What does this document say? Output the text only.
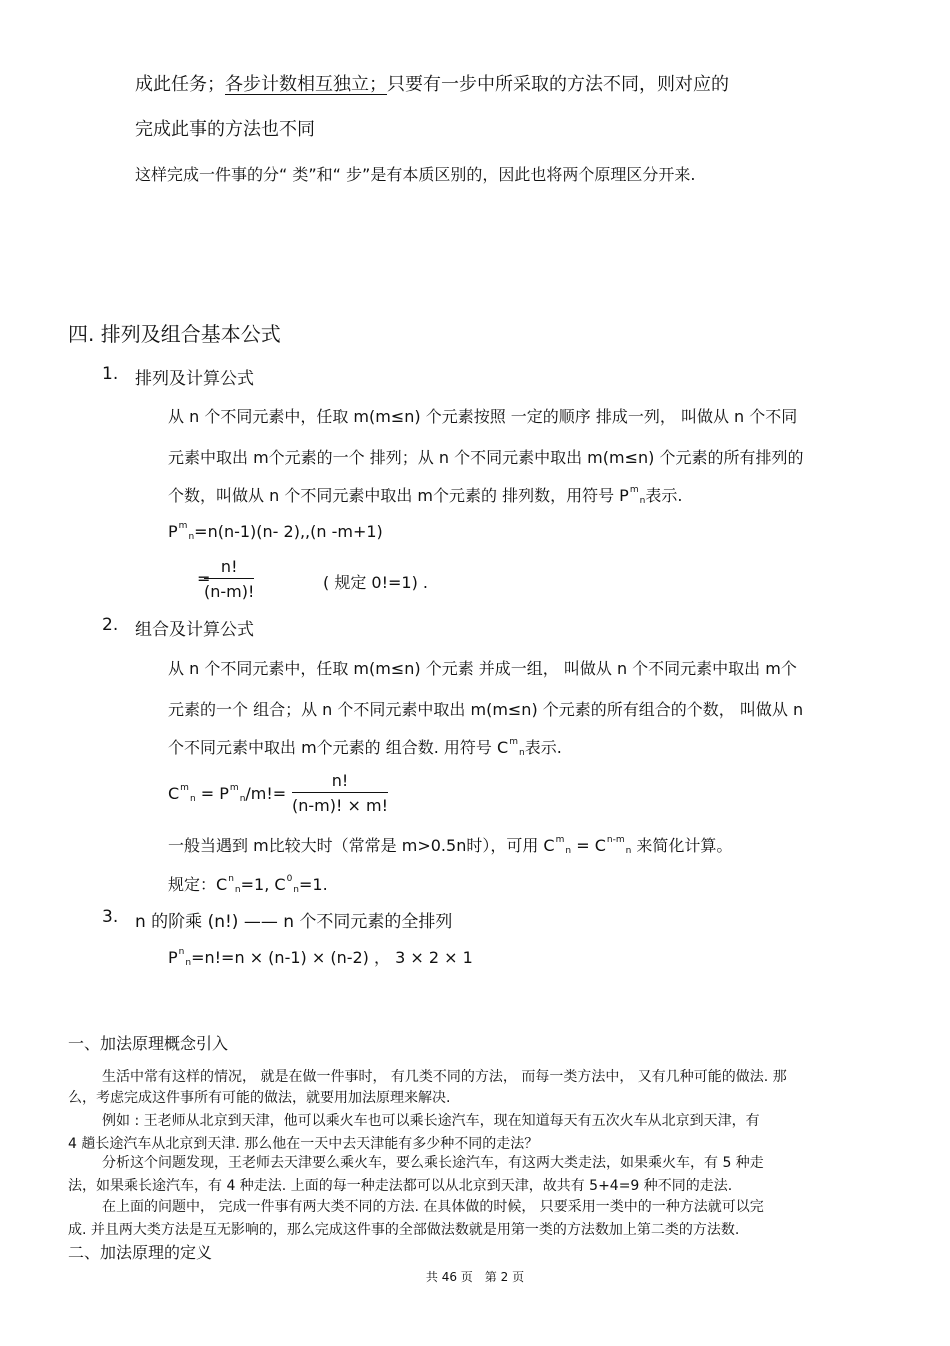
成此任务；各步计数相互独立；只要有一步中所采取的方法不同，则对应的
完成此事的方法也不同
这样完成一件事的分“ 类”和“ 步”是有本质区别的，因此也将两个原理区分开来.
四. 排列及组合基本公式
1. 排列及计算公式
从 n 个不同元素中，任取 m(m≤n) 个元素按照 一定的顺序 排成一列， 叫做从 n 个不同
元素中取出 m个元素的一个 排列；从 n 个不同元素中取出 m(m≤n) 个元素的所有排列的
个数，叫做从 n 个不同元素中取出 m个元素的 排列数，用符号 $P^m_n$表示.
$P^m_n=n(n-1)(n-$ 2),,(n -m+1)
=
n!
(n-m)!	( 规定 0!=1) .
2. 组合及计算公式
从 n 个不同元素中，任取 m(m≤n) 个元素 并成一组， 叫做从 n 个不同元素中取出 m个
元素的一个 组合；从 n 个不同元素中取出 m(m≤n) 个元素的所有组合的个数， 叫做从 n
个不同元素中取出 m个元素的 组合数. 用符号 $C^m_n$表示.
$C^m_n = P^m_n/m!=$
n!
(n-m)! × m!
一般当遇到 m比较大时（常常是 m>0.5n时），可用 $C^m_n = C^{n-m}_n$ 来简化计算。
规定：$C^n_n=1$, $C^0_n=1$.
3. n 的阶乘 (n!) —— n 个不同元素的全排列
$P^n_n=n!=n \times (n-1) \times (n-2)$ ， 3 × 2 × 1
一、加法原理概念引入
生活中常有这样的情况， 就是在做一件事时， 有几类不同的方法， 而每一类方法中， 又有几种可能的做法. 那
么，考虑完成这件事所有可能的做法，就要用加法原理来解决.
例如 : 王老师从北京到天津，他可以乘火车也可以乘长途汽车，现在知道每天有五次火车从北京到天津，有
4 趟长途汽车从北京到天津. 那么他在一天中去天津能有多少种不同的走法？
分析这个问题发现，王老师去天津要么乘火车，要么乘长途汽车，有这两大类走法，如果乘火车，有 5 种走
法，如果乘长途汽车，有 4 种走法. 上面的每一种走法都可以从北京到天津，故共有 5+4=9 种不同的走法.
在上面的问题中， 完成一件事有两大类不同的方法. 在具体做的时候， 只要采用一类中的一种方法就可以完
成. 并且两大类方法是互无影响的，那么完成这件事的全部做法数就是用第一类的方法数加上第二类的方法数.
二、加法原理的定义
共 46 页　第 2 页
